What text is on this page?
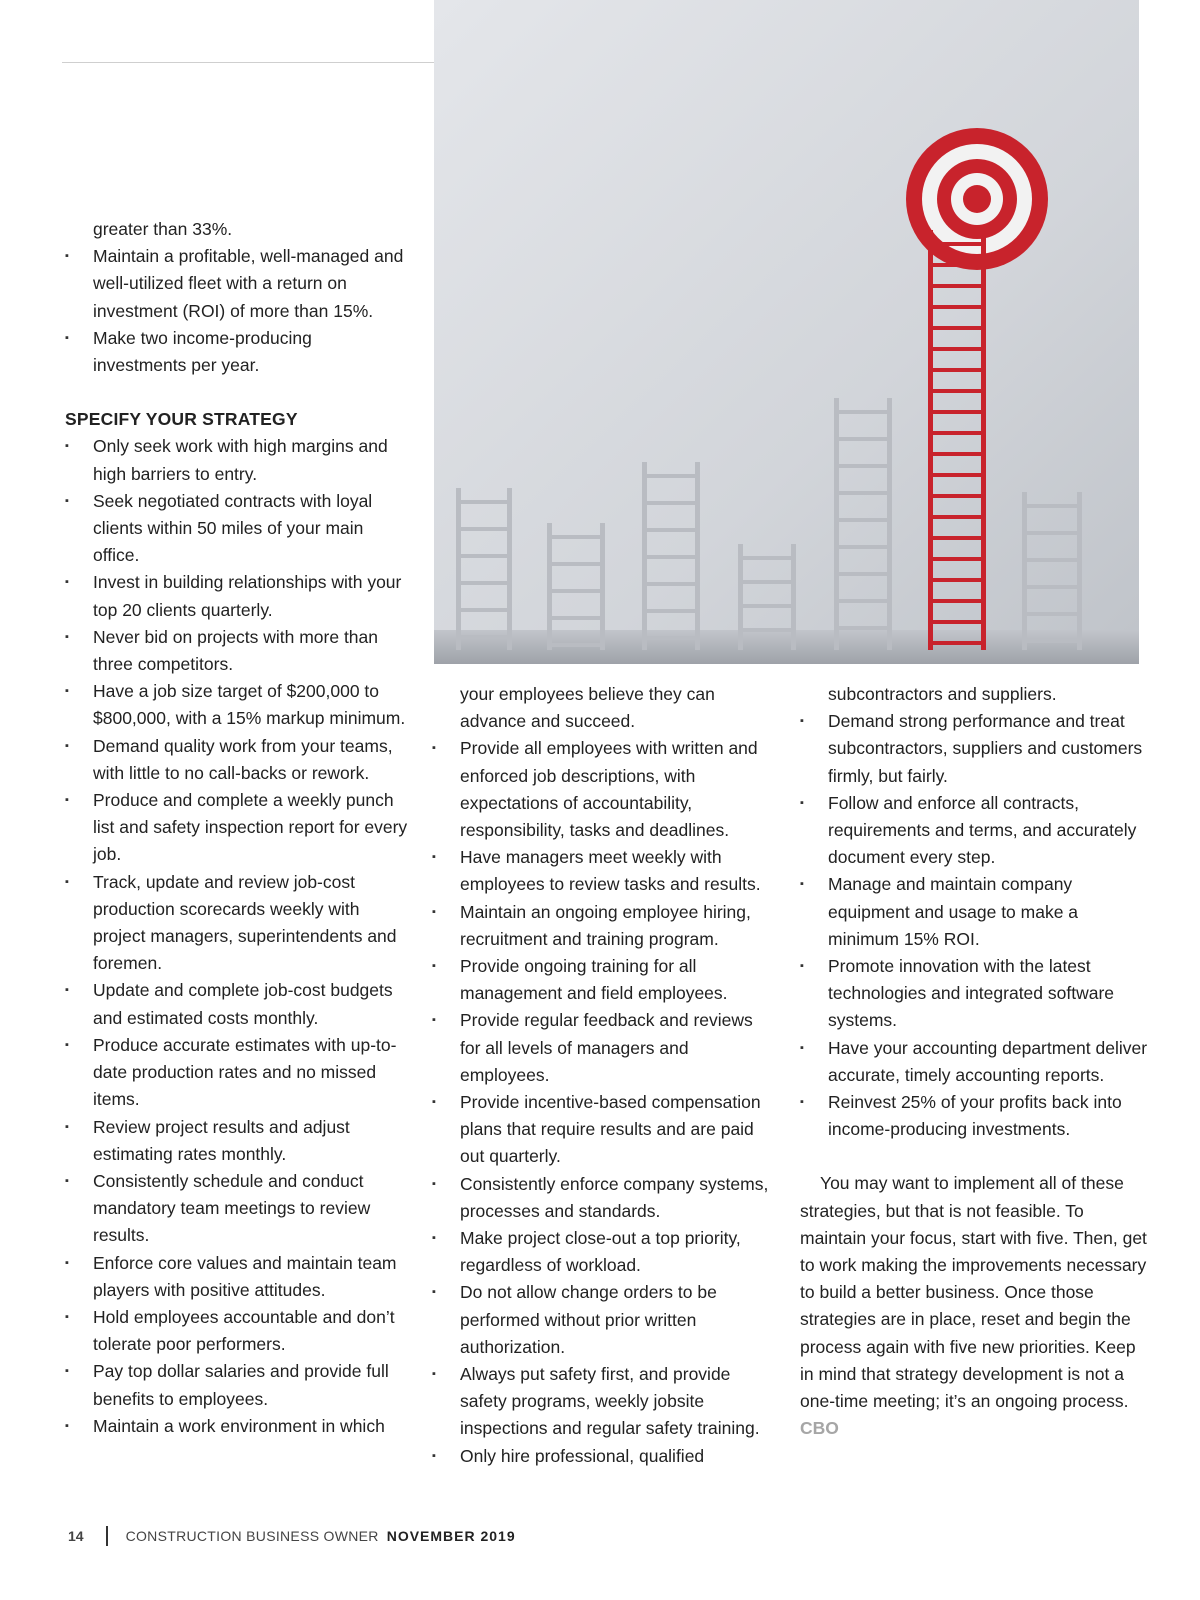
greater than 33%.

▪ Maintain a profitable, well-managed and well-utilized fleet with a return on investment (ROI) of more than 15%.
▪ Make two income-producing investments per year.
SPECIFY YOUR STRATEGY
▪ Only seek work with high margins and high barriers to entry.
▪ Seek negotiated contracts with loyal clients within 50 miles of your main office.
▪ Invest in building relationships with your top 20 clients quarterly.
▪ Never bid on projects with more than three competitors.
▪ Have a job size target of $200,000 to $800,000, with a 15% markup minimum.
▪ Demand quality work from your teams, with little to no call-backs or rework.
▪ Produce and complete a weekly punch list and safety inspection report for every job.
▪ Track, update and review job-cost production scorecards weekly with project managers, superintendents and foremen.
▪ Update and complete job-cost budgets and estimated costs monthly.
▪ Produce accurate estimates with up-to-date production rates and no missed items.
▪ Review project results and adjust estimating rates monthly.
▪ Consistently schedule and conduct mandatory team meetings to review results.
▪ Enforce core values and maintain team players with positive attitudes.
▪ Hold employees accountable and don’t tolerate poor performers.
▪ Pay top dollar salaries and provide full benefits to employees.
▪ Maintain a work environment in which

your employees believe they can advance and succeed.

▪ Provide all employees with written and enforced job descriptions, with expectations of accountability, responsibility, tasks and deadlines.
▪ Have managers meet weekly with employees to review tasks and results.
▪ Maintain an ongoing employee hiring, recruitment and training program.
▪ Provide ongoing training for all management and field employees.
▪ Provide regular feedback and reviews for all levels of managers and employees.
▪ Provide incentive-based compensation plans that require results and are paid out quarterly.
▪ Consistently enforce company systems, processes and standards.
▪ Make project close-out a top priority, regardless of workload.
▪ Do not allow change orders to be performed without prior written authorization.
▪ Always put safety first, and provide safety programs, weekly jobsite inspections and regular safety training.
▪ Only hire professional, qualified

subcontractors and suppliers.

▪ Demand strong performance and treat subcontractors, suppliers and customers firmly, but fairly.
▪ Follow and enforce all contracts, requirements and terms, and accurately document every step.
▪ Manage and maintain company equipment and usage to make a minimum 15% ROI.
▪ Promote innovation with the latest technologies and integrated software systems.
▪ Have your accounting department deliver accurate, timely accounting reports.
▪ Reinvest 25% of your profits back into income-producing investments.

You may want to implement all of these strategies, but that is not feasible. To maintain your focus, start with five. Then, get to work making the improvements necessary to build a better business. Once those strategies are in place, reset and begin the process again with five new priorities. Keep in mind that strategy development is not a one-time meeting; it’s an ongoing process. CBO

14	CONSTRUCTION BUSINESS OWNER NOVEMBER 2019
